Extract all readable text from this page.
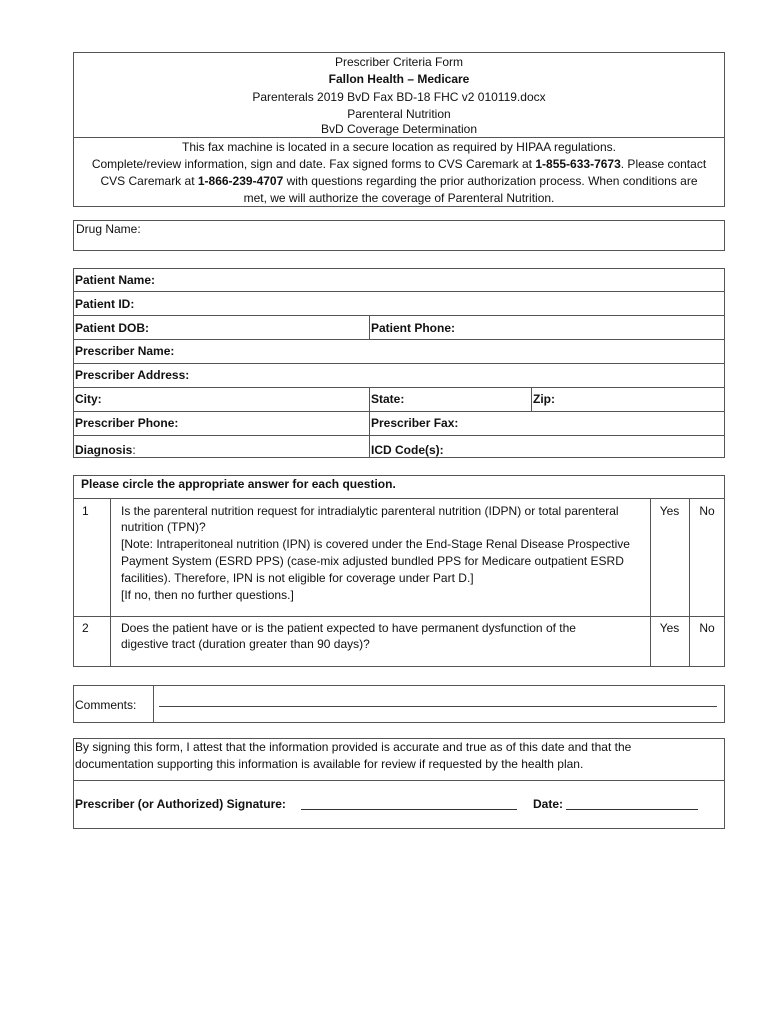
Prescriber Criteria Form
Fallon Health – Medicare
Parenterals 2019 BvD Fax BD-18 FHC v2 010119.docx
Parenteral Nutrition
BvD Coverage Determination
This fax machine is located in a secure location as required by HIPAA regulations.
Complete/review information, sign and date. Fax signed forms to CVS Caremark at 1-855-633-7673. Please contact CVS Caremark at 1-866-239-4707 with questions regarding the prior authorization process. When conditions are met, we will authorize the coverage of Parenteral Nutrition.
Drug Name:
Patient Name:
Patient ID:
Patient DOB:	Patient Phone:
Prescriber Name:
Prescriber Address:
City:	State:	Zip:
Prescriber Phone:	Prescriber Fax:
Diagnosis:	ICD Code(s):
Please circle the appropriate answer for each question.
1	Is the parenteral nutrition request for intradialytic parenteral nutrition (IDPN) or total parenteral nutrition (TPN)?
[Note: Intraperitoneal nutrition (IPN) is covered under the End-Stage Renal Disease Prospective Payment System (ESRD PPS) (case-mix adjusted bundled PPS for Medicare outpatient ESRD facilities). Therefore, IPN is not eligible for coverage under Part D.]
[If no, then no further questions.]
Yes	No
2	Does the patient have or is the patient expected to have permanent dysfunction of the digestive tract (duration greater than 90 days)?
Yes	No
Comments:
By signing this form, I attest that the information provided is accurate and true as of this date and that the documentation supporting this information is available for review if requested by the health plan.
Prescriber (or Authorized) Signature:	Date:
